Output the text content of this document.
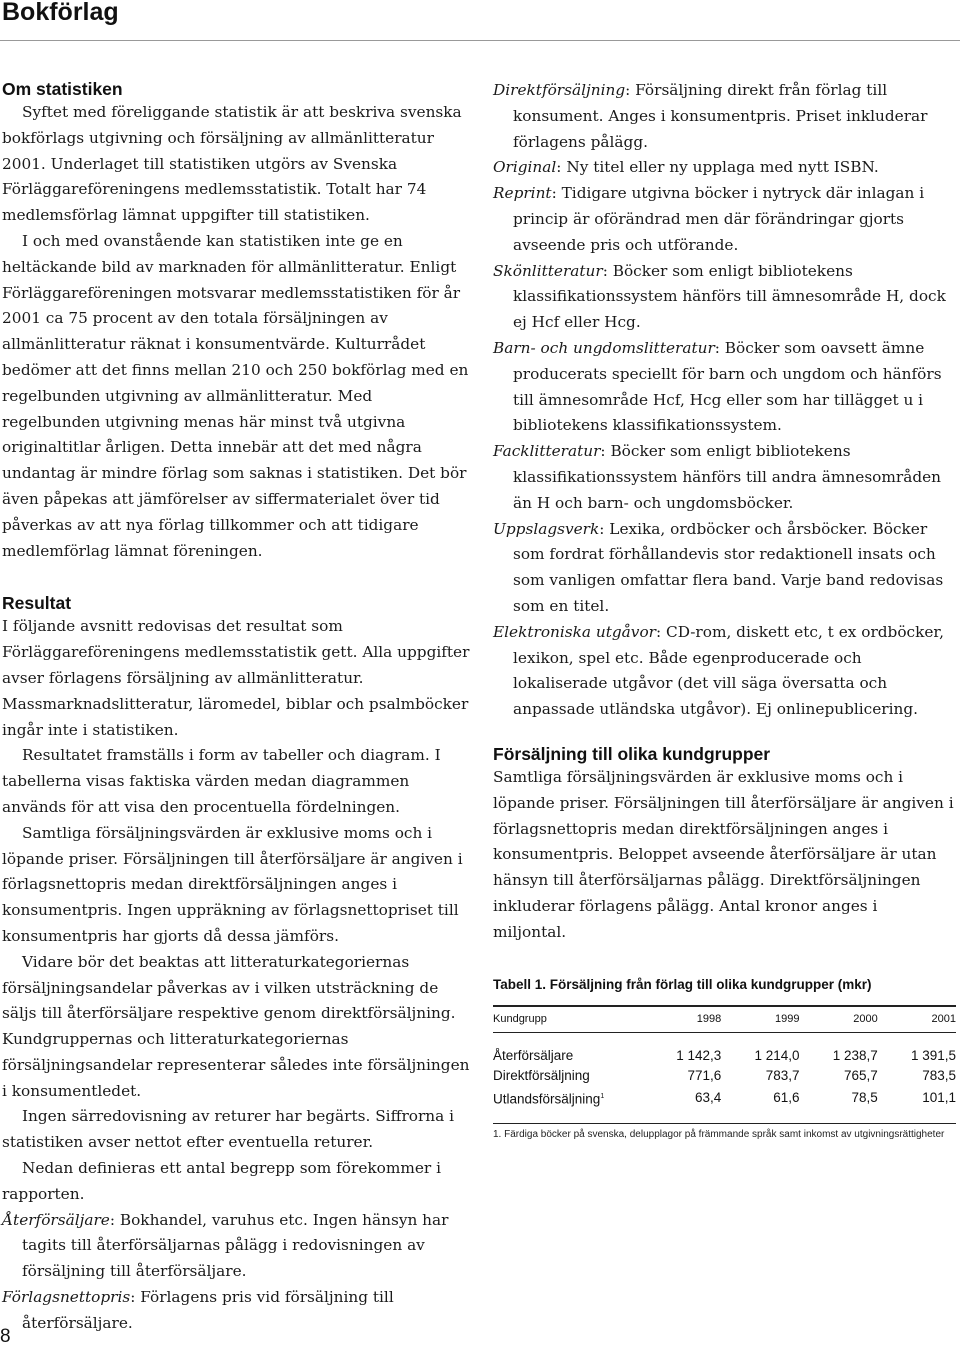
Bokförlag
Om statistiken

Syftet med föreliggande statistik är att beskriva svenska bokförlags utgivning och försäljning av allmänlitteratur 2001. Underlaget till statistiken utgörs av Svenska Förläggareföreningens medlemsstatistik. Totalt har 74 medlemsförlag lämnat uppgifter till statistiken.

I och med ovanstående kan statistiken inte ge en heltäckande bild av marknaden för allmänlitteratur. Enligt Förläggareföreningen motsvarar medlemsstatistiken för år 2001 ca 75 procent av den totala försäljningen av allmänlitteratur räknat i konsumentvärde. Kulturrådet bedömer att det finns mellan 210 och 250 bokförlag med en regelbunden utgivning av allmänlitteratur. Med regelbunden utgivning menas här minst två utgivna originaltitlar årligen. Detta innebär att det med några undantag är mindre förlag som saknas i statistiken. Det bör även påpekas att jämförelser av siffermaterialet över tid påverkas av att nya förlag tillkommer och att tidigare medlemförlag lämnat föreningen.

Resultat

I följande avsnitt redovisas det resultat som Förläggareföreningens medlemsstatistik gett. Alla uppgifter avser förlagens försäljning av allmänlitteratur. Massmarknadslitteratur, läromedel, biblar och psalmböcker ingår inte i statistiken.

Resultatet framställs i form av tabeller och diagram. I tabellerna visas faktiska värden medan diagrammen används för att visa den procentuella fördelningen.

Samtliga försäljningsvärden är exklusive moms och i löpande priser. Försäljningen till återförsäljare är angiven i förlagsnettopris medan direktförsäljningen anges i konsumentpris. Ingen uppräkning av förlagsnettopriset till konsumentpris har gjorts då dessa jämförs.

Vidare bör det beaktas att litteraturkategoriernas försäljningsandelar påverkas av i vilken utsträckning de säljs till återförsäljare respektive genom direktförsäljning. Kundgruppernas och litteraturkategoriernas försäljningsandelar representerar således inte försäljningen i konsumentledet.

Ingen särredovisning av returer har begärts. Siffrorna i statistiken avser nettot efter eventuella returer.

Nedan definieras ett antal begrepp som förekommer i rapporten.

Återförsäljare: Bokhandel, varuhus etc. Ingen hänsyn har tagits till återförsäljarnas pålägg i redovisningen av försäljning till återförsäljare.
Förlagsnettopris: Förlagens pris vid försäljning till återförsäljare.
Direktförsäljning: Försäljning direkt från förlag till konsument. Anges i konsumentpris. Priset inkluderar förlagens pålägg.
Original: Ny titel eller ny upplaga med nytt ISBN.
Reprint: Tidigare utgivna böcker i nytryck där inlagan i princip är oförändrad men där förändringar gjorts avseende pris och utförande.
Skönlitteratur: Böcker som enligt bibliotekens klassifikationssystem hänförs till ämnesområde H, dock ej Hcf eller Hcg.
Barn- och ungdomslitteratur: Böcker som oavsett ämne producerats speciellt för barn och ungdom och hänförs till ämnesområde Hcf, Hcg eller som har tillägget u i bibliotekens klassifikationssystem.
Facklitteratur: Böcker som enligt bibliotekens klassifikationssystem hänförs till andra ämnesområden än H och barn- och ungdomsböcker.
Uppslagsverk: Lexika, ordböcker och årsböcker. Böcker som fordrat förhållandevis stor redaktionell insats och som vanligen omfattar flera band. Varje band redovisas som en titel.
Elektroniska utgåvor: CD-rom, diskett etc, t ex ordböcker, lexikon, spel etc. Både egenproducerade och lokaliserade utgåvor (det vill säga översatta och anpassade utländska utgåvor). Ej onlinepublicering.
Försäljning till olika kundgrupper

Samtliga försäljningsvärden är exklusive moms och i löpande priser. Försäljningen till återförsäljare är angiven i förlagsnettopris medan direktförsäljningen anges i konsumentpris. Beloppet avseende återförsäljare är utan hänsyn till återförsäljarnas pålägg. Direktförsäljningen inkluderar förlagens pålägg. Antal kronor anges i miljontal.

Tabell 1. Försäljning från förlag till olika kundgrupper (mkr)
Kundgrupp	1998	1999	2000	2001
Återförsäljare	1 142,3	1 214,0	1 238,7	1 391,5
Direktförsäljning	771,6	783,7	765,7	783,5
Utlandsförsäljning$^1$	63,4	61,6	78,5	101,1
1. Färdiga böcker på svenska, delupplagor på främmande språk samt inkomst av utgivningsrättigheter
8
